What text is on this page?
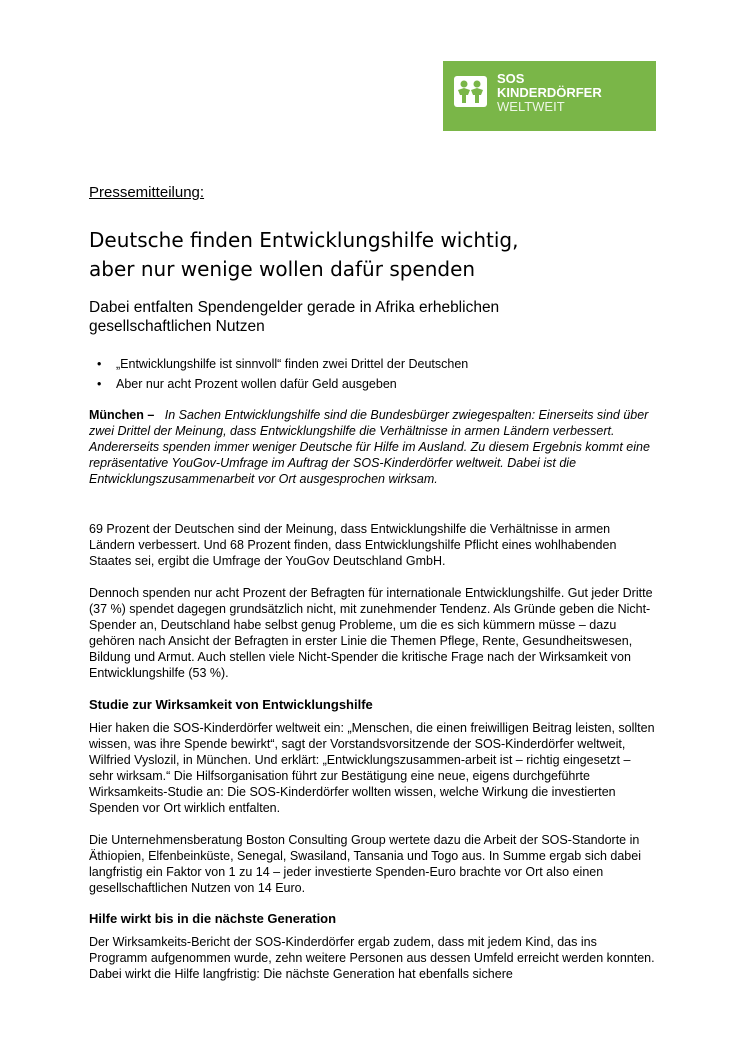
SOS
KINDERDÖRFER
WELTWEIT
Pressemitteilung:
Deutsche finden Entwicklungshilfe wichtig,
aber nur wenige wollen dafür spenden
Dabei entfalten Spendengelder gerade in Afrika erheblichen
gesellschaftlichen Nutzen
• „Entwicklungshilfe ist sinnvoll“ finden zwei Drittel der Deutschen
• Aber nur acht Prozent wollen dafür Geld ausgeben

München – In Sachen Entwicklungshilfe sind die Bundesbürger zwiegespalten: Einerseits sind über zwei Drittel der Meinung, dass Entwicklungshilfe die Verhältnisse in armen Ländern verbessert. Andererseits spenden immer weniger Deutsche für Hilfe im Ausland. Zu diesem Ergebnis kommt eine repräsentative YouGov-Umfrage im Auftrag der SOS-Kinderdörfer weltweit. Dabei ist die Entwicklungszusammenarbeit vor Ort ausgesprochen wirksam.

69 Prozent der Deutschen sind der Meinung, dass Entwicklungshilfe die Verhältnisse in armen Ländern verbessert. Und 68 Prozent finden, dass Entwicklungshilfe Pflicht eines wohlhabenden Staates sei, ergibt die Umfrage der YouGov Deutschland GmbH.

Dennoch spenden nur acht Prozent der Befragten für internationale Entwicklungshilfe. Gut jeder Dritte (37 %) spendet dagegen grundsätzlich nicht, mit zunehmender Tendenz. Als Gründe geben die Nicht-Spender an, Deutschland habe selbst genug Probleme, um die es sich kümmern müsse – dazu gehören nach Ansicht der Befragten in erster Linie die Themen Pflege, Rente, Gesundheitswesen, Bildung und Armut. Auch stellen viele Nicht-Spender die kritische Frage nach der Wirksamkeit von Entwicklungshilfe (53 %).

Studie zur Wirksamkeit von Entwicklungshilfe

Hier haken die SOS-Kinderdörfer weltweit ein: „Menschen, die einen freiwilligen Beitrag leisten, sollten wissen, was ihre Spende bewirkt“, sagt der Vorstandsvorsitzende der SOS-Kinderdörfer weltweit, Wilfried Vyslozil, in München. Und erklärt: „Entwicklungszusammen-arbeit ist – richtig eingesetzt – sehr wirksam.“ Die Hilfsorganisation führt zur Bestätigung eine neue, eigens durchgeführte Wirksamkeits-Studie an: Die SOS-Kinderdörfer wollten wissen, welche Wirkung die investierten Spenden vor Ort wirklich entfalten.

Die Unternehmensberatung Boston Consulting Group wertete dazu die Arbeit der SOS-Standorte in Äthiopien, Elfenbeinküste, Senegal, Swasiland, Tansania und Togo aus. In Summe ergab sich dabei langfristig ein Faktor von 1 zu 14 – jeder investierte Spenden-Euro brachte vor Ort also einen gesellschaftlichen Nutzen von 14 Euro.

Hilfe wirkt bis in die nächste Generation

Der Wirksamkeits-Bericht der SOS-Kinderdörfer ergab zudem, dass mit jedem Kind, das ins Programm aufgenommen wurde, zehn weitere Personen aus dessen Umfeld erreicht werden konnten. Dabei wirkt die Hilfe langfristig: Die nächste Generation hat ebenfalls sichere
